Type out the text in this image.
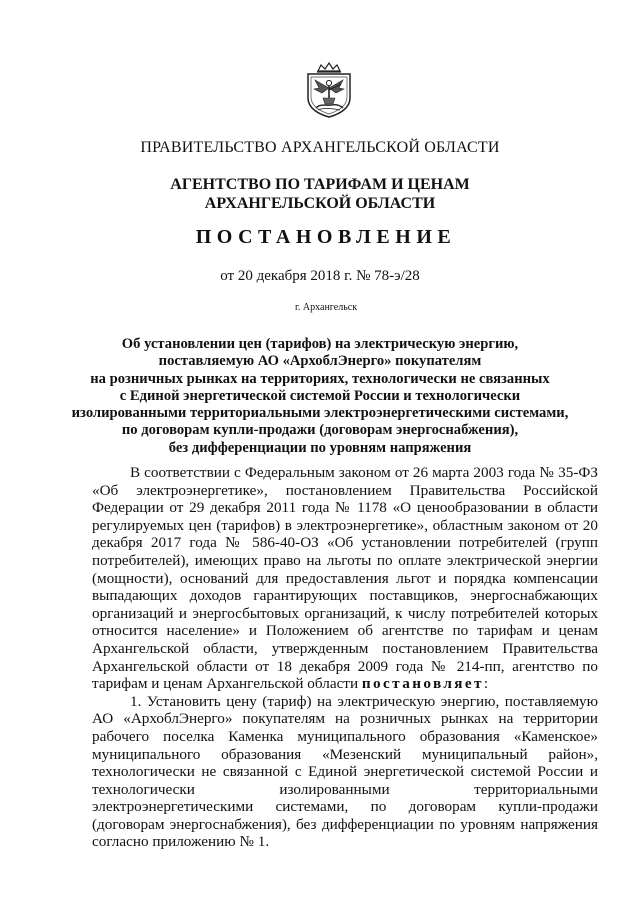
ПРАВИТЕЛЬСТВО АРХАНГЕЛЬСКОЙ ОБЛАСТИ
АГЕНТСТВО ПО ТАРИФАМ И ЦЕНАМ
АРХАНГЕЛЬСКОЙ ОБЛАСТИ
ПОСТАНОВЛЕНИЕ
от 20 декабря 2018 г. № 78-э/28
г. Архангельск
Об установлении цен (тарифов) на электрическую энергию,
поставляемую АО «АрхоблЭнерго» покупателям
на розничных рынках на территориях, технологически не связанных
с Единой энергетической системой России и технологически
изолированными территориальными электроэнергетическими системами,
по договорам купли-продажи (договорам энергоснабжения),
без дифференциации по уровням напряжения

В соответствии с Федеральным законом от 26 марта 2003 года № 35-ФЗ «Об электроэнергетике», постановлением Правительства Российской Федерации от 29 декабря 2011 года № 1178 «О ценообразовании в области регулируемых цен (тарифов) в электроэнергетике», областным законом от 20 декабря 2017 года № 586-40-ОЗ «Об установлении потребителей (групп потребителей), имеющих право на льготы по оплате электрической энергии (мощности), оснований для предоставления льгот и порядка компенсации выпадающих доходов гарантирующих поставщиков, энергоснабжающих организаций и энергосбытовых организаций, к числу потребителей которых относится население» и Положением об агентстве по тарифам и ценам Архангельской области, утвержденным постановлением Правительства Архангельской области от 18 декабря 2009 года № 214-пп, агентство по тарифам и ценам Архангельской области постановляет:

1. Установить цену (тариф) на электрическую энергию, поставляемую АО «АрхоблЭнерго» покупателям на розничных рынках на территории рабочего поселка Каменка муниципального образования «Каменское» муниципального образования «Мезенский муниципальный район», технологически не связанной с Единой энергетической системой России и технологически изолированными территориальными электроэнергетическими системами, по договорам купли-продажи (договорам энергоснабжения), без дифференциации по уровням напряжения согласно приложению № 1.
